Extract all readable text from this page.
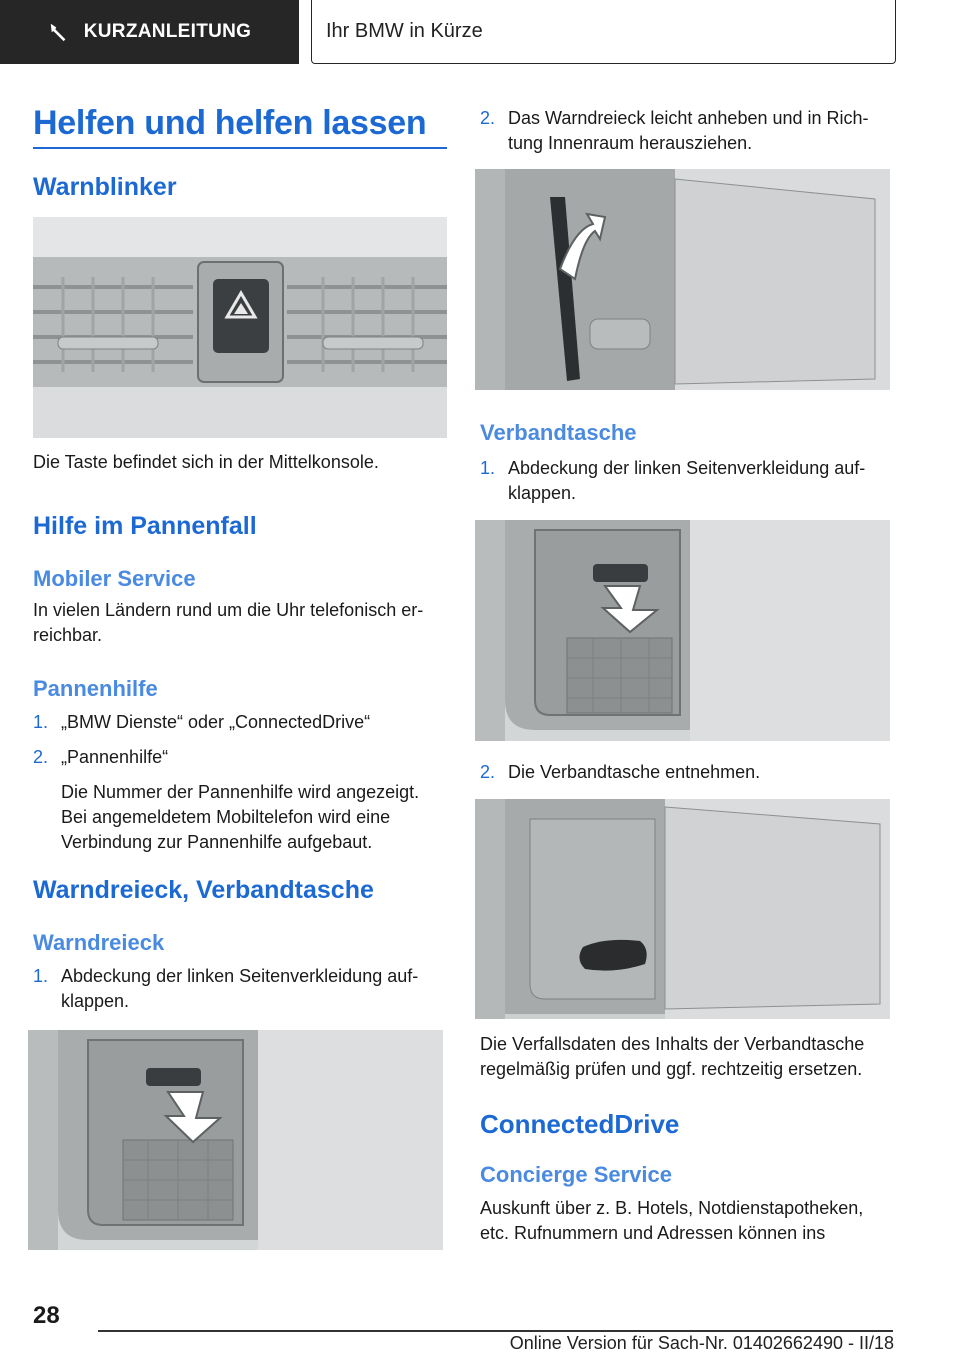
KURZANLEITUNG	Ihr BMW in Kürze
Helfen und helfen lassen
Warnblinker
Die Taste befindet sich in der Mittelkonsole.
Hilfe im Pannenfall
Mobiler Service
In vielen Ländern rund um die Uhr telefonisch er-
reichbar.
Pannenhilfe
1. „BMW Dienste“ oder „ConnectedDrive“
2. „Pannenhilfe“
Die Nummer der Pannenhilfe wird angezeigt.
Bei angemeldetem Mobiltelefon wird eine
Verbindung zur Pannenhilfe aufgebaut.
Warndreieck, Verbandtasche
Warndreieck
1. Abdeckung der linken Seitenverkleidung auf-
klappen.
2. Das Warndreieck leicht anheben und in Rich-
tung Innenraum herausziehen.
Verbandtasche
1. Abdeckung der linken Seitenverkleidung auf-
klappen.
2. Die Verbandtasche entnehmen.
Die Verfallsdaten des Inhalts der Verbandtasche
regelmäßig prüfen und ggf. rechtzeitig ersetzen.
ConnectedDrive
Concierge Service
Auskunft über z. B. Hotels, Notdienstapotheken,
etc. Rufnummern und Adressen können ins
28
Online Version für Sach-Nr. 01402662490 - II/18
